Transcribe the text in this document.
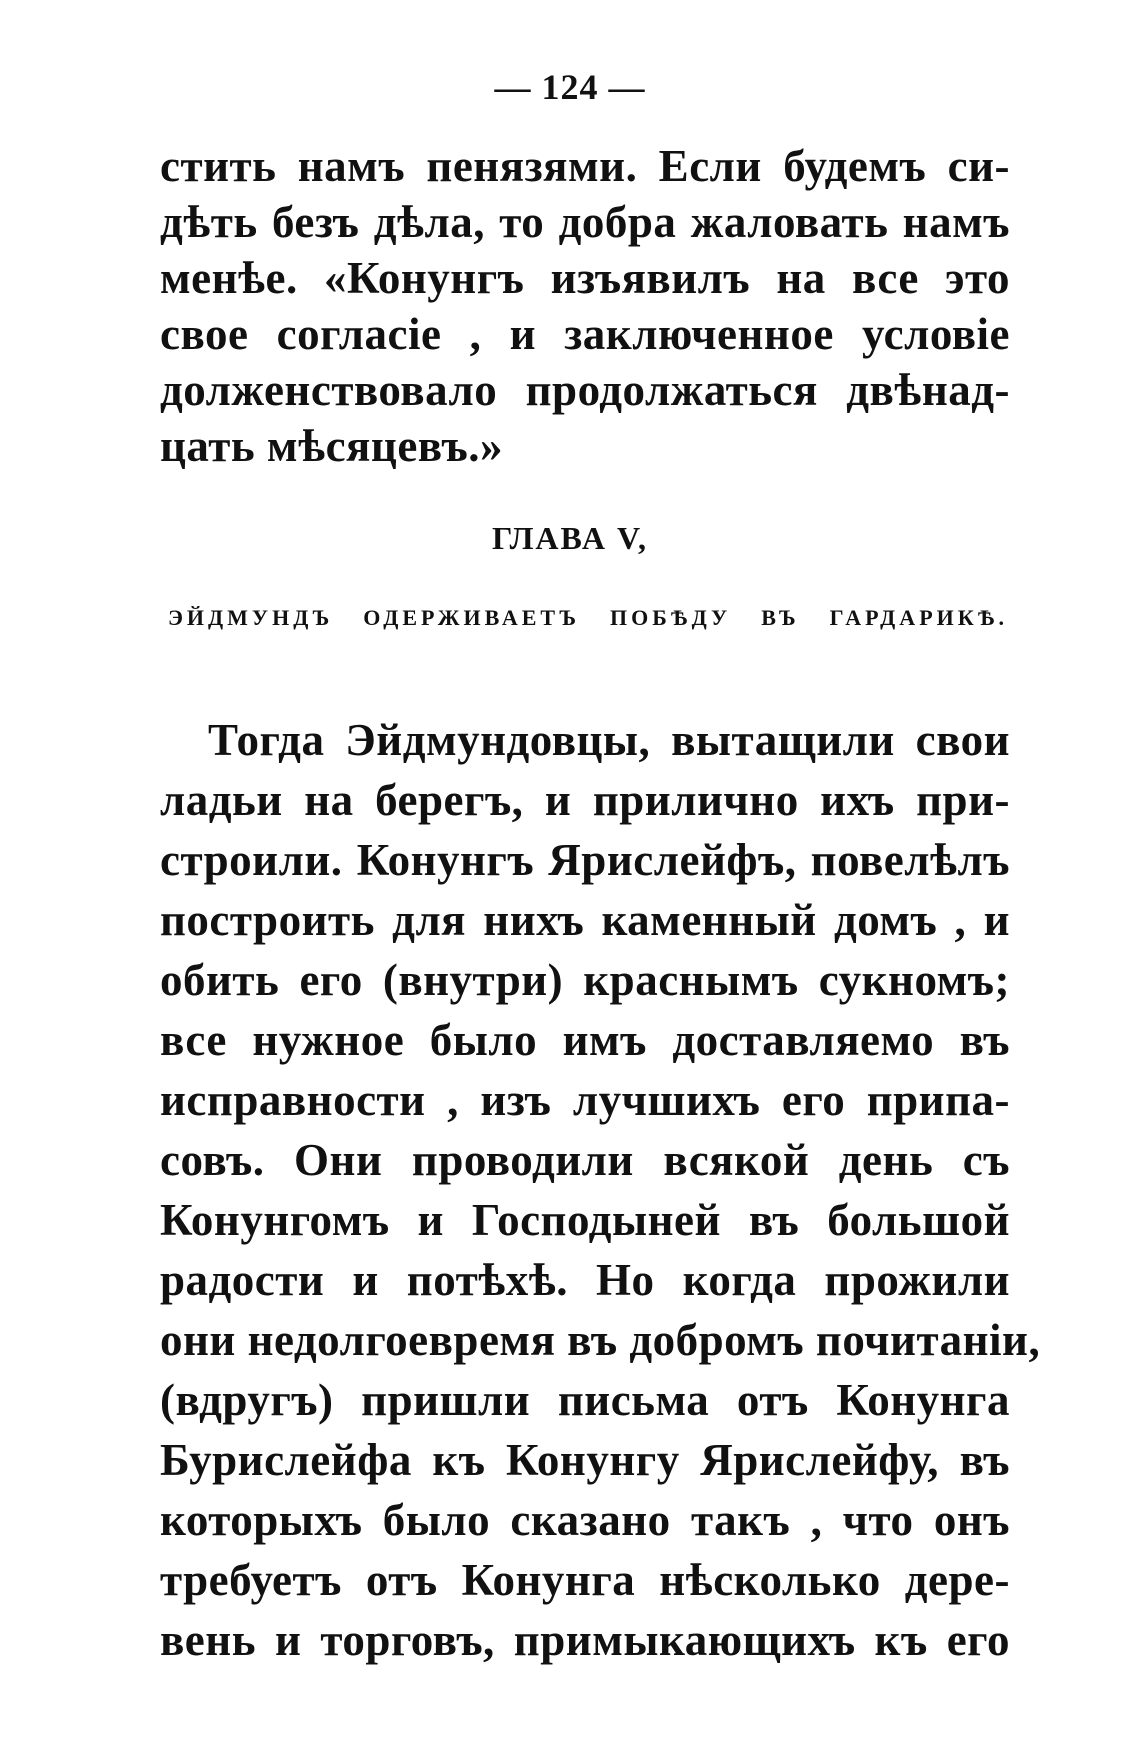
— 124 —
стить намъ пенязями. Если будемъ си-
дѣть безъ дѣла, то добра жаловать намъ
менѣе. «Конунгъ изъявилъ на все это
свое согласіе , и заключенное условіе
долженствовало продолжаться двѣнад-
цать мѣсяцевъ.»
ГЛАВА V,
ЭЙДМУНДЪ ОДЕРЖИВАЕТЪ ПОБѢДУ ВЪ ГАРДАРИКѢ.
Тогда Эйдмундовцы, вытащили свои
ладьи на берегъ, и прилично ихъ при-
строили. Конунгъ Ярислейфъ, повелѣлъ
построить для нихъ каменный домъ , и
обить его (внутри) краснымъ сукномъ;
все нужное было имъ доставляемо въ
исправности , изъ лучшихъ его припа-
совъ. Они проводили всякой день съ
Конунгомъ и Господыней въ большой
радости и потѣхѣ. Но когда прожили
они недолгоевремя въ добромъ почитаніи,
(вдругъ) пришли письма отъ Конунга
Бурислейфа къ Конунгу Ярислейфу, въ
которыхъ было сказано такъ , что онъ
требуетъ отъ Конунга нѣсколько дере-
вень и торговъ, примыкающихъ къ его
